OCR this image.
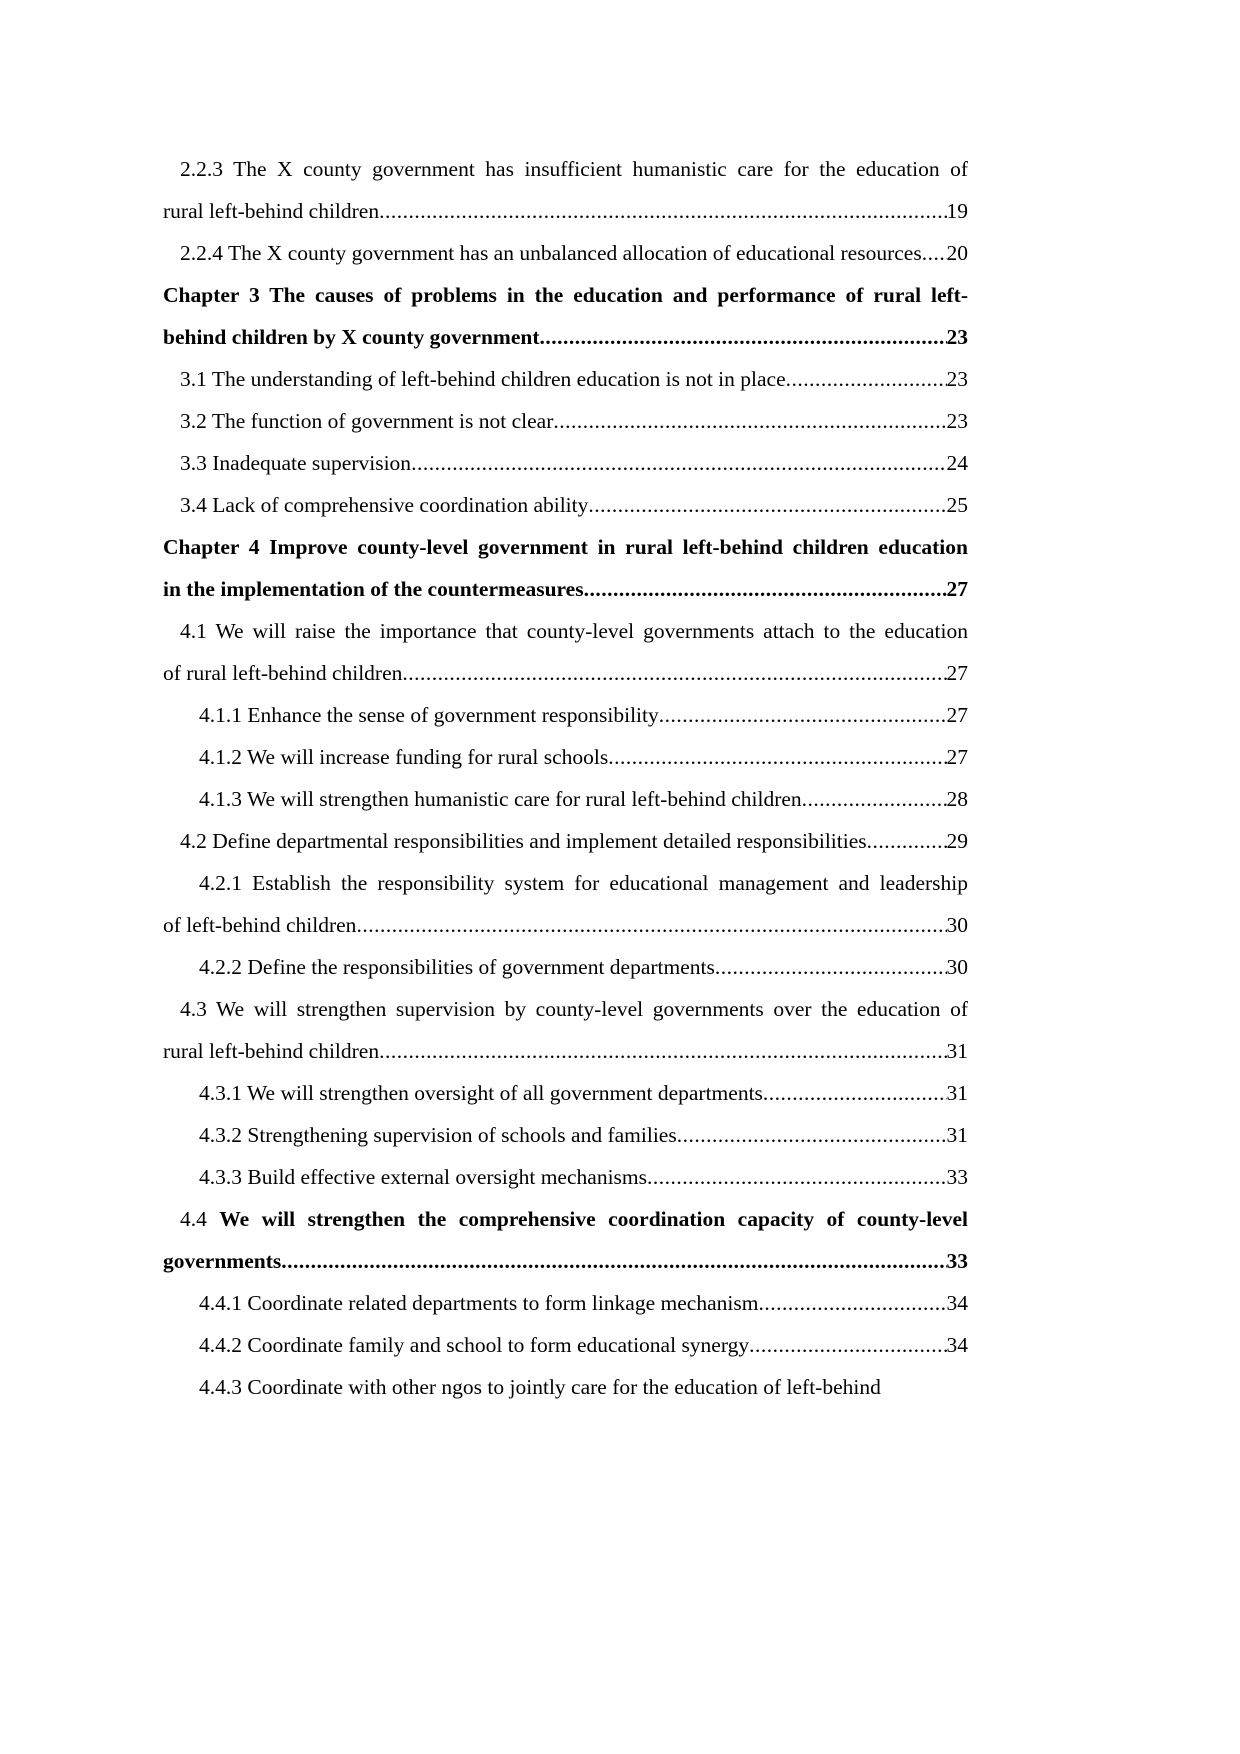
2.2.3 The X county government has insufficient humanistic care for the education of
rural left-behind children .....	19
2.2.4 The X county government has an unbalanced allocation of educational resources ..... 20
Chapter 3 The causes of problems in the education and performance of rural left-
behind children by X county government .....	23
3.1 The understanding of left-behind children education is not in place .....	23
3.2 The function of government is not clear .....	23
3.3 Inadequate supervision .....	24
3.4 Lack of comprehensive coordination ability .....	25
Chapter 4 Improve county-level government in rural left-behind children education
in the implementation of the countermeasures .....	27
4.1 We will raise the importance that county-level governments attach to the education
of rural left-behind children .....	27
4.1.1 Enhance the sense of government responsibility .....	27
4.1.2 We will increase funding for rural schools .....	27
4.1.3 We will strengthen humanistic care for rural left-behind children .....	28
4.2 Define departmental responsibilities and implement detailed responsibilities .....	29
4.2.1 Establish the responsibility system for educational management and leadership
of left-behind children .....	30
4.2.2 Define the responsibilities of government departments .....	30
4.3 We will strengthen supervision by county-level governments over the education of
rural left-behind children .....	31
4.3.1 We will strengthen oversight of all government departments .....	31
4.3.2 Strengthening supervision of schools and families .....	31
4.3.3 Build effective external oversight mechanisms .....	33
4.4 We will strengthen the comprehensive coordination capacity of county-level
governments .....	33
4.4.1 Coordinate related departments to form linkage mechanism .....	34
4.4.2 Coordinate family and school to form educational synergy .....	34
4.4.3 Coordinate with other ngos to jointly care for the education of left-behind
